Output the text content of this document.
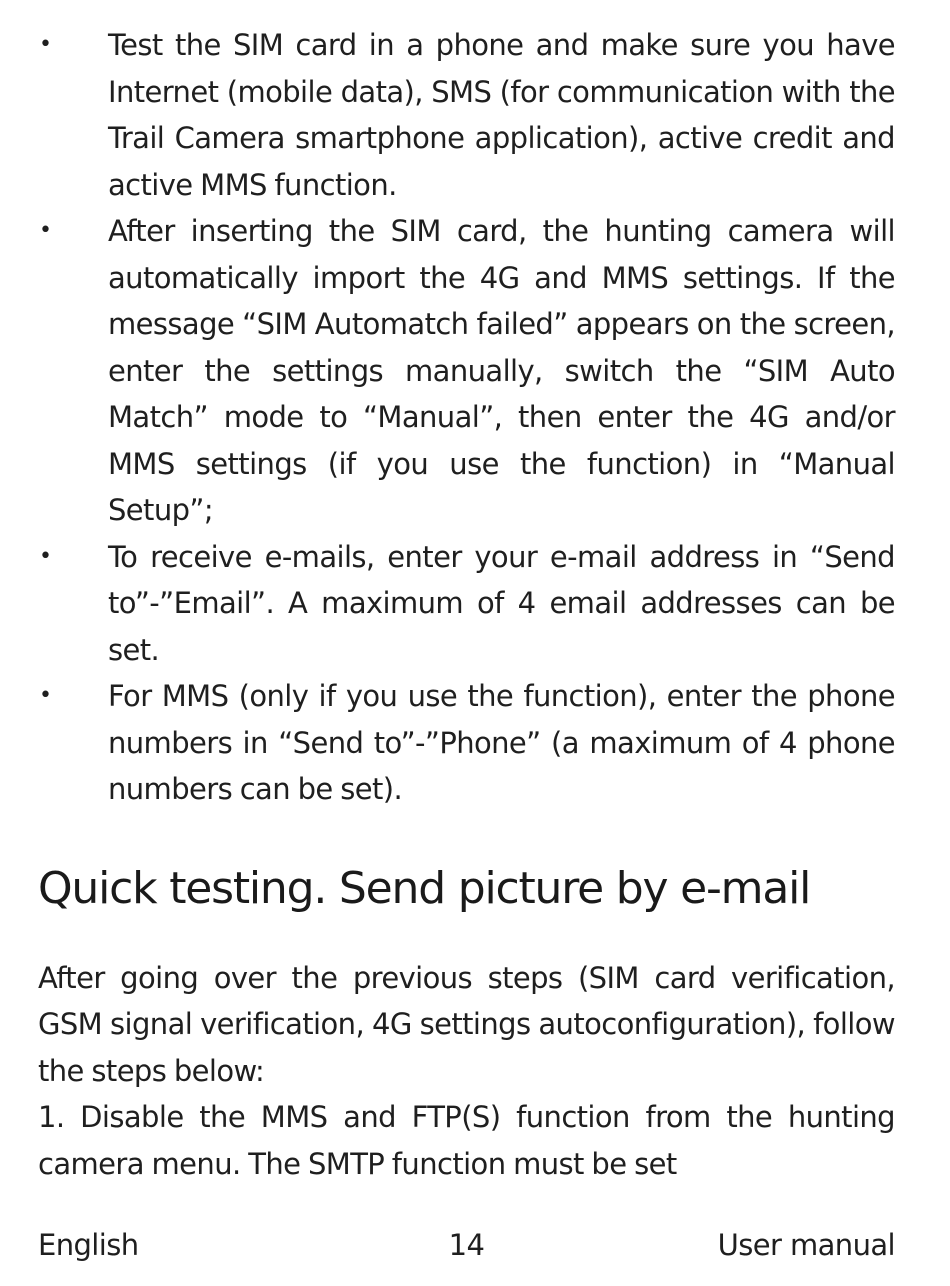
• Test the SIM card in a phone and make sure you have Internet (mobile data), SMS (for communication with the Trail Camera smartphone application), active credit and active MMS function.
• After inserting the SIM card, the hunting camera will automatically import the 4G and MMS settings. If the message “SIM Automatch failed” appears on the screen, enter the settings manually, switch the “SIM Auto Match” mode to “Manual”, then enter the 4G and/or MMS settings (if you use the function) in “Manual Setup”;
• To receive e-mails, enter your e-mail address in “Send to”-”Email”. A maximum of 4 email addresses can be set.
• For MMS (only if you use the function), enter the phone numbers in “Send to”-”Phone” (a maximum of 4 phone numbers can be set).
Quick testing. Send picture by e-mail

After going over the previous steps (SIM card verification, GSM signal verification, 4G settings autoconfiguration), follow the steps below:

1. Disable the MMS and FTP(S) function from the hunting camera menu. The SMTP function must be set

English	14	User manual
